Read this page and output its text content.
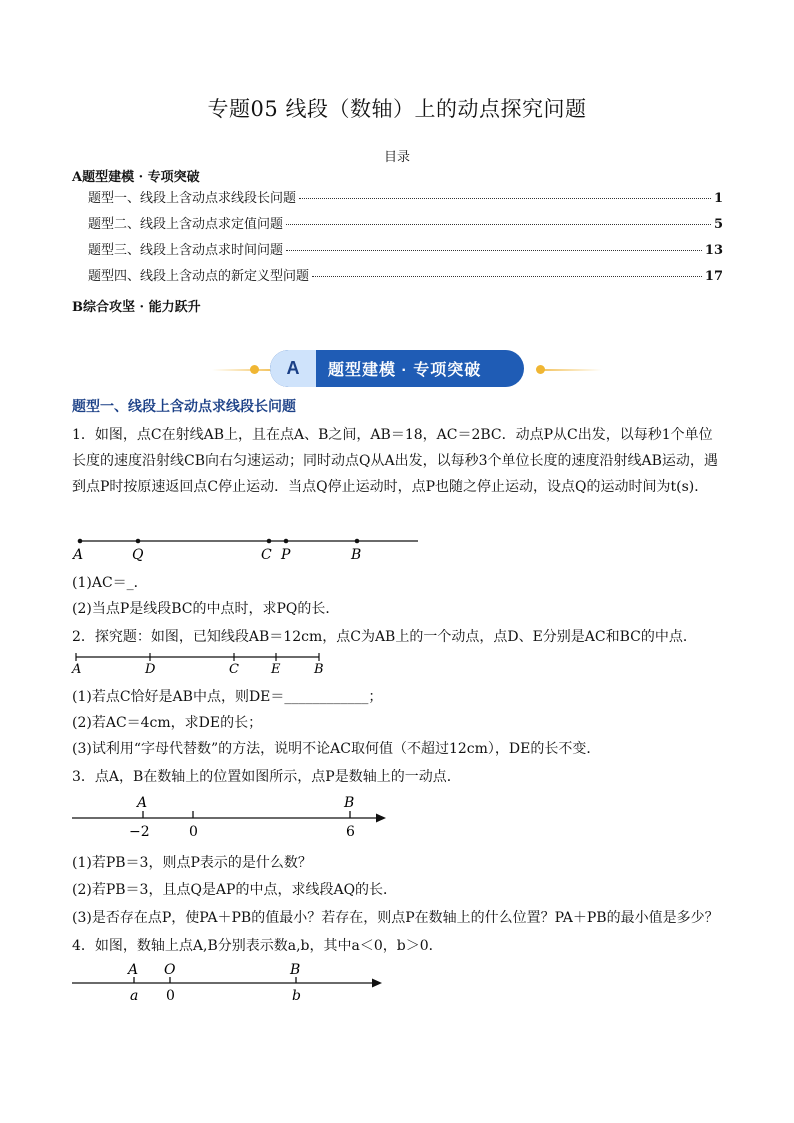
专题05 线段（数轴）上的动点探究问题
目录
A题型建模 · 专项突破
题型一、线段上含动点求线段长问题	1
题型二、线段上含动点求定值问题	5
题型三、线段上含动点求时间问题	13
题型四、线段上含动点的新定义型问题	17
B综合攻坚 · 能力跃升
A	题型建模 · 专项突破
题型一、线段上含动点求线段长问题
1．如图，点C在射线AB上，且在点A、B之间，AB＝18，AC＝2BC．动点P从C出发，以每秒1个单位长度的速度沿射线CB向右匀速运动；同时动点Q从A出发，以每秒3个单位长度的速度沿射线AB运动，遇到点P时按原速返回点C停止运动．当点Q停止运动时，点P也随之停止运动，设点Q的运动时间为t(s)．
A	Q	C P	B
(1)AC＝_．
(2)当点P是线段BC的中点时，求PQ的长．
2．探究题：如图，已知线段AB＝12cm，点C为AB上的一个动点，点D、E分别是AC和BC的中点．
A	D	C E	B
(1)若点C恰好是AB中点，则DE＝____________；
(2)若AC＝4cm，求DE的长；
(3)试利用“字母代替数”的方法，说明不论AC取何值（不超过12cm），DE的长不变．
3．点A，B在数轴上的位置如图所示，点P是数轴上的一动点．
A	B
−2	0	6
(1)若PB＝3，则点P表示的是什么数？
(2)若PB＝3，且点Q是AP的中点，求线段AQ的长．
(3)是否存在点P，使PA＋PB的值最小？若存在，则点P在数轴上的什么位置？PA＋PB的最小值是多少？
4．如图，数轴上点A,B分别表示数a,b，其中a＜0，b＞0．
A O	B
a 0	b
